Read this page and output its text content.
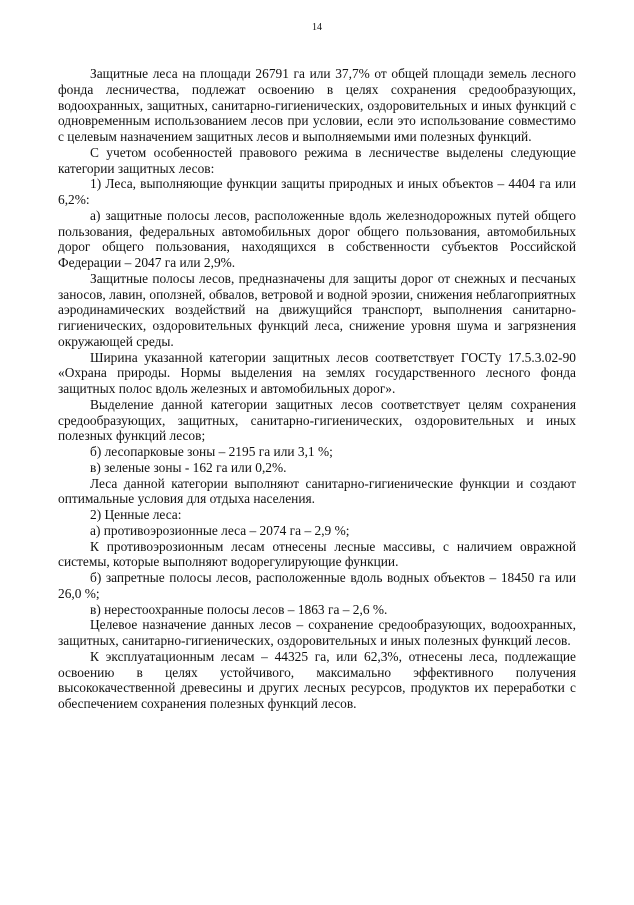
14

Защитные леса на площади 26791 га или 37,7% от общей площади земель лесного фонда лесничества, подлежат освоению в целях сохранения средообразующих, водоохранных, защитных, санитарно-гигиенических, оздоровительных и иных функций с одновременным использованием лесов при условии, если это использование совместимо с целевым назначением защитных лесов и выполняемыми ими полезных функций.

С учетом особенностей правового режима в лесничестве выделены следующие категории защитных лесов:

1) Леса, выполняющие функции защиты природных и иных объектов – 4404 га или 6,2%:

а) защитные полосы лесов, расположенные вдоль железнодорожных путей общего пользования, федеральных автомобильных дорог общего пользования, автомобильных дорог общего пользования, находящихся в собственности субъектов Российской Федерации – 2047 га или 2,9%.

Защитные полосы лесов, предназначены для защиты дорог от снежных и песчаных заносов, лавин, оползней, обвалов, ветровой и водной эрозии, снижения неблагоприятных аэродинамических воздействий на движущийся транспорт, выполнения санитарно-гигиенических, оздоровительных функций леса, снижение уровня шума и загрязнения окружающей среды.

Ширина указанной категории защитных лесов соответствует ГОСТу 17.5.3.02-90 «Охрана природы. Нормы выделения на землях государственного лесного фонда защитных полос вдоль железных и автомобильных дорог».

Выделение данной категории защитных лесов соответствует целям сохранения средообразующих, защитных, санитарно-гигиенических, оздоровительных и иных полезных функций лесов;

б) лесопарковые зоны – 2195 га или 3,1 %;

в) зеленые зоны - 162 га или 0,2%.

Леса данной категории выполняют санитарно-гигиенические функции и создают оптимальные условия для отдыха населения.

2) Ценные леса:

а) противоэрозионные леса – 2074 га – 2,9 %;

К противоэрозионным лесам отнесены лесные массивы, с наличием овражной системы, которые выполняют водорегулирующие функции.

б) запретные полосы лесов, расположенные вдоль водных объектов – 18450 га или 26,0 %;

в) нерестоохранные полосы лесов – 1863 га – 2,6 %.

Целевое назначение данных лесов – сохранение средообразующих, водоохранных, защитных, санитарно-гигиенических, оздоровительных и иных полезных функций лесов.

К эксплуатационным лесам – 44325 га, или 62,3%, отнесены леса, подлежащие освоению в целях устойчивого, максимально эффективного получения высококачественной древесины и других лесных ресурсов, продуктов их переработки с обеспечением сохранения полезных функций лесов.
